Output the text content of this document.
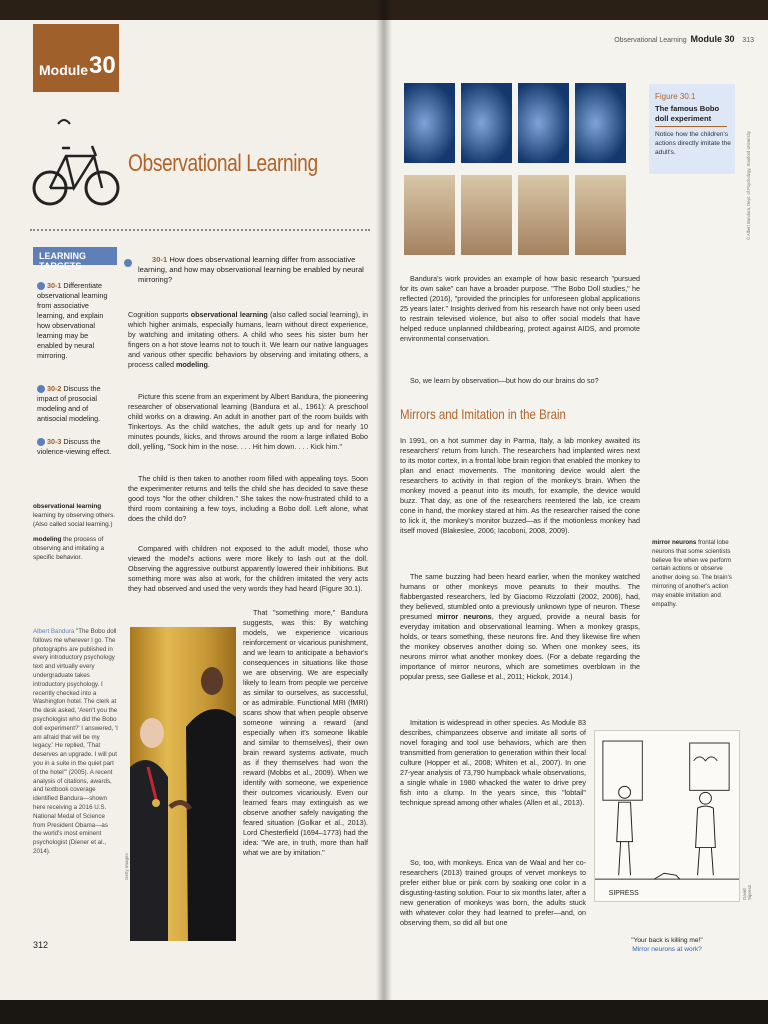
Module 30
Observational Learning
LEARNING TARGETS
30-1 Differentiate observational learning from associative learning, and explain how observational learning may be enabled by neural mirroring.
30-2 Discuss the impact of prosocial modeling and of antisocial modeling.
30-3 Discuss the violence-viewing effect.
30-1 How does observational learning differ from associative learning, and how may observational learning be enabled by neural mirroring?
Cognition supports observational learning (also called social learning), in which higher animals, especially humans, learn without direct experience, by watching and imitating others. A child who sees his sister burn her fingers on a hot stove learns not to touch it. We learn our native languages and various other specific behaviors by observing and imitating others, a process called modeling.
Picture this scene from an experiment by Albert Bandura, the pioneering researcher of observational learning (Bandura et al., 1961): A preschool child works on a drawing. An adult in another part of the room builds with Tinkertoys. As the child watches, the adult gets up and for nearly 10 minutes pounds, kicks, and throws around the room a large inflated Bobo doll, yelling, "Sock him in the nose. . . . Hit him down. . . . Kick him."
The child is then taken to another room filled with appealing toys. Soon the experimenter returns and tells the child she has decided to save these good toys "for the other children." She takes the now-frustrated child to a third room containing a few toys, including a Bobo doll. Left alone, what does the child do?
Compared with children not exposed to the adult model, those who viewed the model's actions were more likely to lash out at the doll. Observing the aggressive outburst apparently lowered their inhibitions. But something more was also at work, for the children imitated the very acts they had observed and used the very words they had heard (Figure 30.1).
That "something more," Bandura suggests, was this: By watching models, we experience vicarious reinforcement or vicarious punishment, and we learn to anticipate a behavior's consequences in situations like those we are observing. We are especially likely to learn from people we perceive as similar to ourselves, as successful, or as admirable. Functional MRI (fMRI) scans show that when people observe someone winning a reward (and especially when it's someone likable and similar to themselves), their own brain reward systems activate, much as if they themselves had won the reward (Mobbs et al., 2009). When we identify with someone, we experience their outcomes vicariously. Even our learned fears may extinguish as we observe another safely navigating the feared situation (Golkar et al., 2013). Lord Chesterfield (1694–1773) had the idea: "We are, in truth, more than half what we are by imitation."
observational learning learning by observing others. (Also called social learning.)
modeling the process of observing and imitating a specific behavior.
Albert Bandura "The Bobo doll follows me wherever I go. The photographs are published in every introductory psychology text and virtually every undergraduate takes introductory psychology. I recently checked into a Washington hotel. The clerk at the desk asked, 'Aren't you the psychologist who did the Bobo doll experiment?' I answered, 'I am afraid that will be my legacy.' He replied, 'That deserves an upgrade. I will put you in a suite in the quiet part of the hotel'" (2005). A recent analysis of citations, awards, and textbook coverage identified Bandura—shown here receiving a 2016 U.S. National Medal of Science from President Obama—as the world's most eminent psychologist (Diener et al., 2014).
Getty Images
312
Observational Learning Module 30 313
© Albert Bandura, Dept. of Psychology, Stanford University
Figure 30.1
The famous Bobo doll experiment
Notice how the children's actions directly imitate the adult's.
Bandura's work provides an example of how basic research "pursued for its own sake" can have a broader purpose. "The Bobo Doll studies," he reflected (2016), "provided the principles for unforeseen global applications 25 years later." Insights derived from his research have not only been used to restrain televised violence, but also to offer social models that have helped reduce unplanned childbearing, protect against AIDS, and promote environmental conservation.
So, we learn by observation—but how do our brains do so?
Mirrors and Imitation in the Brain
In 1991, on a hot summer day in Parma, Italy, a lab monkey awaited its researchers' return from lunch. The researchers had implanted wires next to its motor cortex, in a frontal lobe brain region that enabled the monkey to plan and enact movements. The monitoring device would alert the researchers to activity in that region of the monkey's brain. When the monkey moved a peanut into its mouth, for example, the device would buzz. That day, as one of the researchers reentered the lab, ice cream cone in hand, the monkey stared at him. As the researcher raised the cone to lick it, the monkey's monitor buzzed—as if the motionless monkey had itself moved (Blakeslee, 2006; Iacoboni, 2008, 2009).
The same buzzing had been heard earlier, when the monkey watched humans or other monkeys move peanuts to their mouths. The flabbergasted researchers, led by Giacomo Rizzolatti (2002, 2006), had, they believed, stumbled onto a previously unknown type of neuron. These presumed mirror neurons, they argued, provide a neural basis for everyday imitation and observational learning. When a monkey grasps, holds, or tears something, these neurons fire. And they likewise fire when the monkey observes another doing so. When one monkey sees, its neurons mirror what another monkey does. (For a debate regarding the importance of mirror neurons, which are sometimes overblown in the popular press, see Gallese et al., 2011; Hickok, 2014.)
Imitation is widespread in other species. As Module 83 describes, chimpanzees observe and imitate all sorts of novel foraging and tool use behaviors, which are then transmitted from generation to generation within their local culture (Hopper et al., 2008; Whiten et al., 2007). In one 27-year analysis of 73,790 humpback whale observations, a single whale in 1980 whacked the water to drive prey fish into a clump. In the years since, this "lobtail" technique spread among other whales (Allen et al., 2013).
So, too, with monkeys. Erica van de Waal and her co-researchers (2013) trained groups of vervet monkeys to prefer either blue or pink corn by soaking one color in a disgusting-tasting solution. Four to six months later, after a new generation of monkeys was born, the adults stuck with whatever color they had learned to prefer—and, on observing them, so did all but one
mirror neurons frontal lobe neurons that some scientists believe fire when we perform certain actions or observe another doing so. The brain's mirroring of another's action may enable imitation and empathy.
SIPRESS
"Your back is killing me!"
Mirror neurons at work?
David Sipress
